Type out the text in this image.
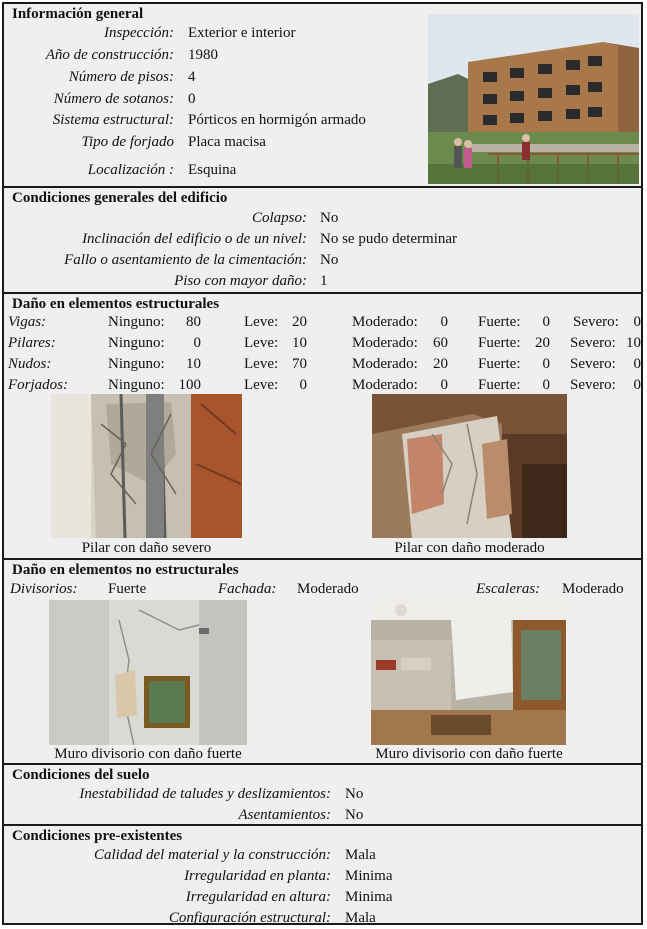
Información general
Inspección: Exterior e interior
Año de construcción: 1980
Número de pisos: 4
Número de sotanos: 0
Sistema estructural: Pórticos en hormigón armado
Tipo de forjado Placa macisa
Localización : Esquina
Condiciones generales del edificio
Colapso: No
Inclinación del edificio o de un nivel: No se pudo determinar
Fallo o asentamiento de la cimentación: No
Piso con mayor daño: 1
Daño en elementos estructurales
Vigas:	Ninguno: 80	Leve: 20	Moderado: 0 Fuerte: 0 Severo: 0
Pilares:	Ninguno: 0	Leve: 10	Moderado: 60 Fuerte: 20 Severo: 10
Nudos:	Ninguno: 10	Leve: 70	Moderado: 20 Fuerte: 0 Severo: 0
Forjados:	Ninguno: 100	Leve: 0	Moderado: 0 Fuerte: 0 Severo: 0
Pilar con daño severo	Pilar con daño moderado
Daño en elementos no estructurales
Divisorios: Fuerte	Fachada: Moderado	Escaleras: Moderado
Muro divisorio con daño fuerte	Muro divisorio con daño fuerte
Condiciones del suelo
Inestabilidad de taludes y deslizamientos: No
Asentamientos: No
Condiciones pre-existentes
Calidad del material y la construcción: Mala
Irregularidad en planta: Minima
Irregularidad en altura: Minima
Configuración estructural: Mala
